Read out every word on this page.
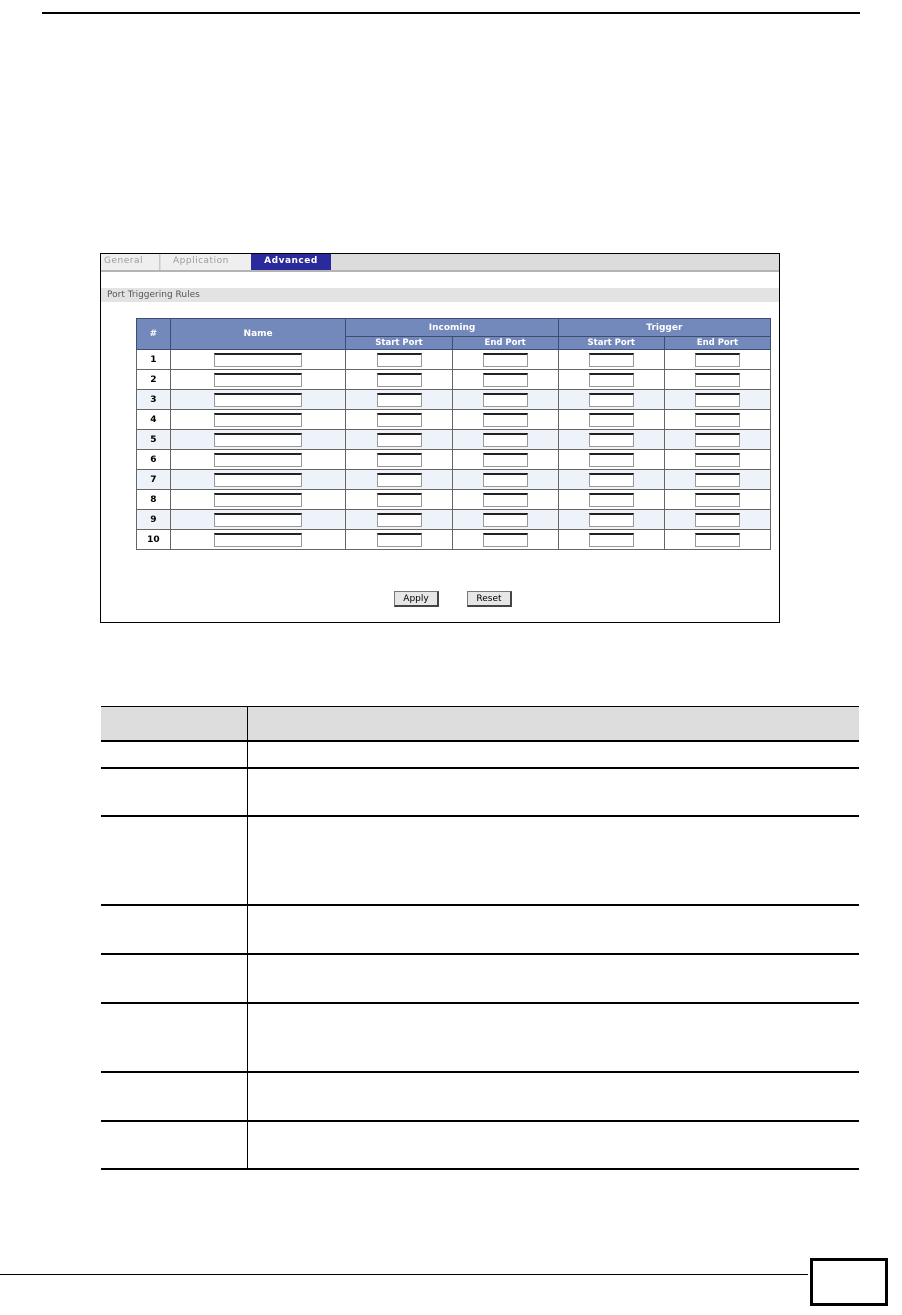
General	Application	Advanced
Port Triggering Rules
#	Name	Incoming		Trigger	
		Start Port	End Port	Start Port	End Port
1					
2					
3					
4					
5					
6					
7					
8					
9					
10					
Apply	Reset
